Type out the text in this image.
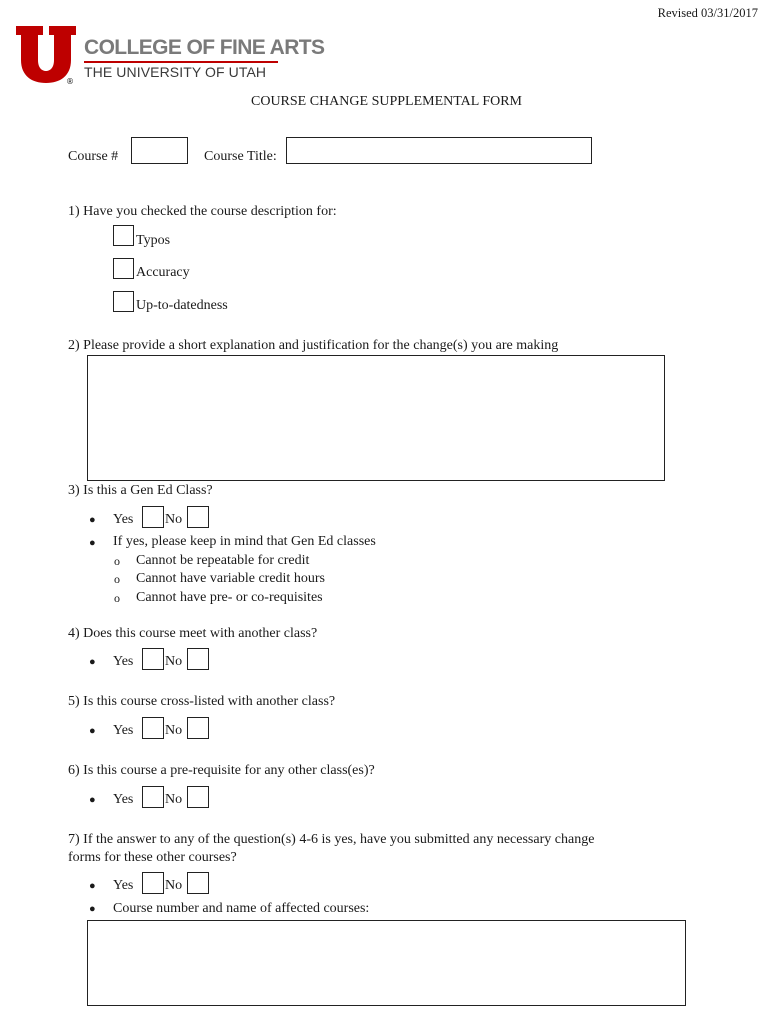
Revised 03/31/2017
®
COLLEGE OF FINE ARTS
THE UNIVERSITY OF UTAH
COURSE CHANGE SUPPLEMENTAL FORM
Course #	Course Title:
1) Have you checked the course description for:
Typos
Accuracy
Up-to-datedness
2) Please provide a short explanation and justification for the change(s) you are making
3) Is this a Gen Ed Class?
● Yes No
● If yes, please keep in mind that Gen Ed classes
o Cannot be repeatable for credit
o Cannot have variable credit hours
o Cannot have pre- or co-requisites
4) Does this course meet with another class?
● Yes No
5) Is this course cross-listed with another class?
● Yes No
6) Is this course a pre-requisite for any other class(es)?
● Yes No
7) If the answer to any of the question(s) 4-6 is yes, have you submitted any necessary change
forms for these other courses?
● Yes No
● Course number and name of affected courses:
